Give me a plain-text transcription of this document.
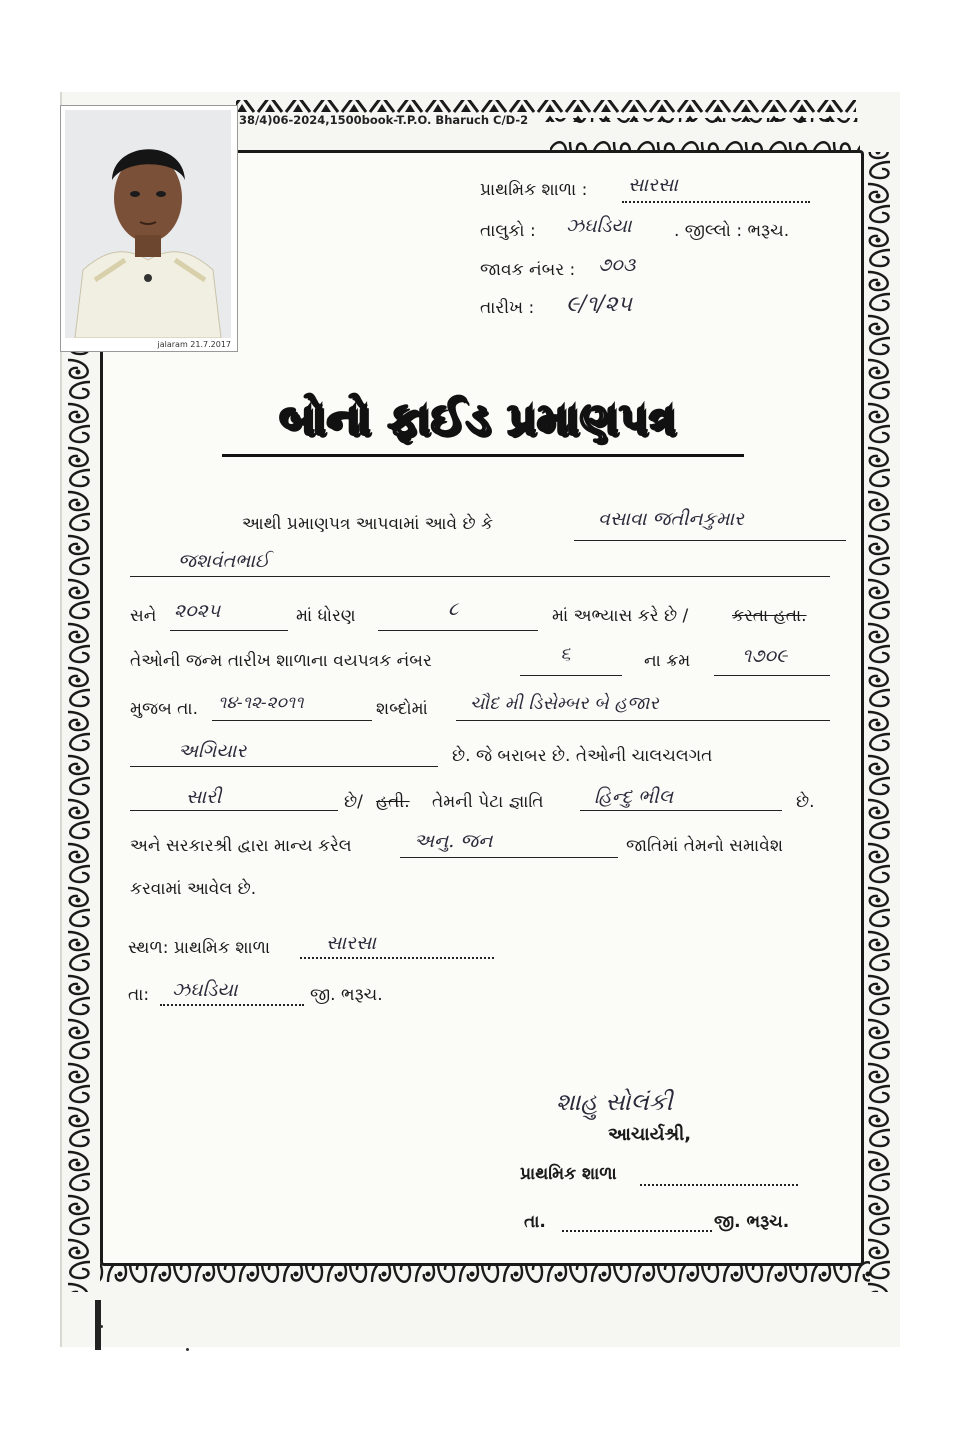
38/4)06-2024,1500book-T.P.O. Bharuch C/D-2
jalaram 21.7.2017
પ્રાથમિક શાળા : સારસા
તાલુકો : ઝઘડિયા	. જીલ્લો : ભરૂચ.
જાવક નંબર : ૭૦૩
તારીખ : ૯/૧/૨૫
બોનો ફાઈડ પ્રમાણપત્ર
આથી પ્રમાણપત્ર આપવામાં આવે છે કે	વસાવા જતીનકુમાર
જશવંતભાઈ
સને ૨૦૨૫	માં ધોરણ	૮	માં અભ્યાસ કરે છે /	કરતા હતા.
તેઓની જન્મ તારીખ શાળાના વયપત્રક નંબર	૬	ના ક્રમ	૧૭૦૯
મુજબ તા. ૧૪-૧૨-૨૦૧૧	શબ્દોમાં ચૌદ મી ડિસેમ્બર બે હજાર
અગિયાર	છે. જે બરાબર છે. તેઓની ચાલચલગત
સારી	છે/ હતી. તેમની પેટા જ્ઞાતિ	હિન્દુ ભીલ	છે.
અને સરકારશ્રી દ્વારા માન્ય કરેલ	અનુ. જન	જાતિમાં તેમનો સમાવેશ
કરવામાં આવેલ છે.
સ્થળ: પ્રાથમિક શાળા	સારસા
તા: ઝઘડિયા	જી. ભરૂચ.
શાહુ સોલંકી
આચાર્યશ્રી,
પ્રાથમિક શાળા
તા.	જી. ભરૂચ.
